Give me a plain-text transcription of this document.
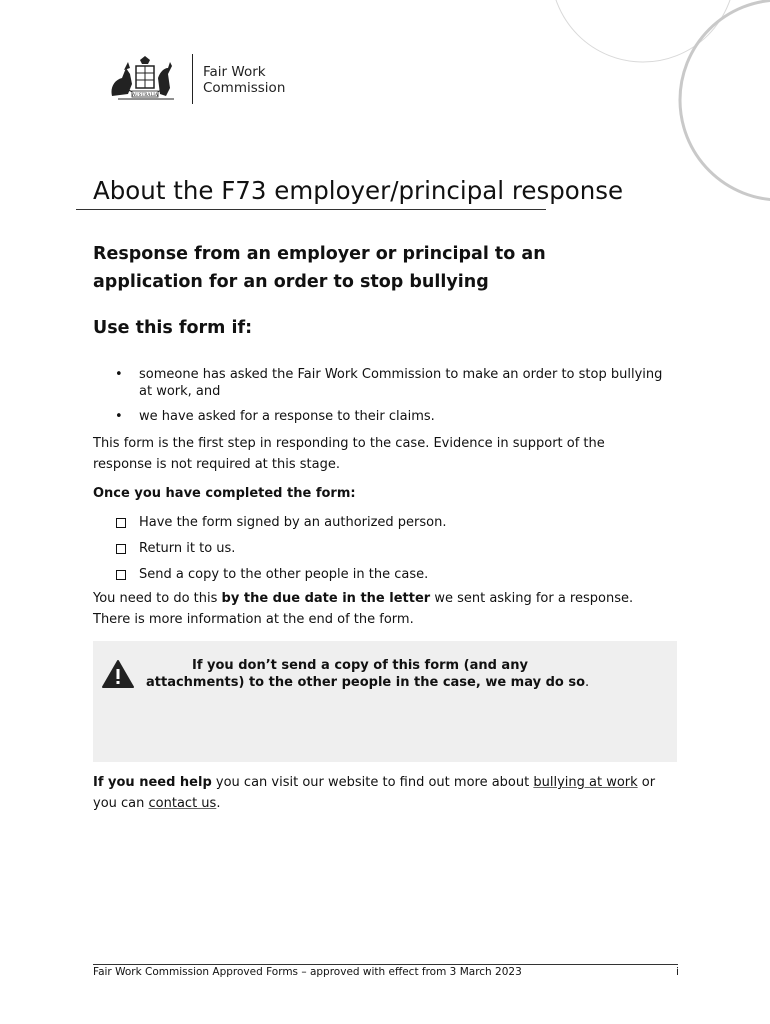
AUSTRALIA
Fair Work
Commission
About the F73 employer/principal response
Response from an employer or principal to an application for an order to stop bullying
Use this form if:
• someone has asked the Fair Work Commission to make an order to stop bullying at work, and
• we have asked for a response to their claims.

This form is the first step in responding to the case. Evidence in support of the response is not required at this stage.

Once you have completed the form:

Have the form signed by an authorized person.
Return it to us.
Send a copy to the other people in the case.

You need to do this by the due date in the letter we sent asking for a response. There is more information at the end of the form.

If you don’t send a copy of this form (and any attachments) to the other people in the case, we may do so.

If you need help you can visit our website to find out more about bullying at work or you can contact us.

Fair Work Commission Approved Forms – approved with effect from 3 March 2023	i
